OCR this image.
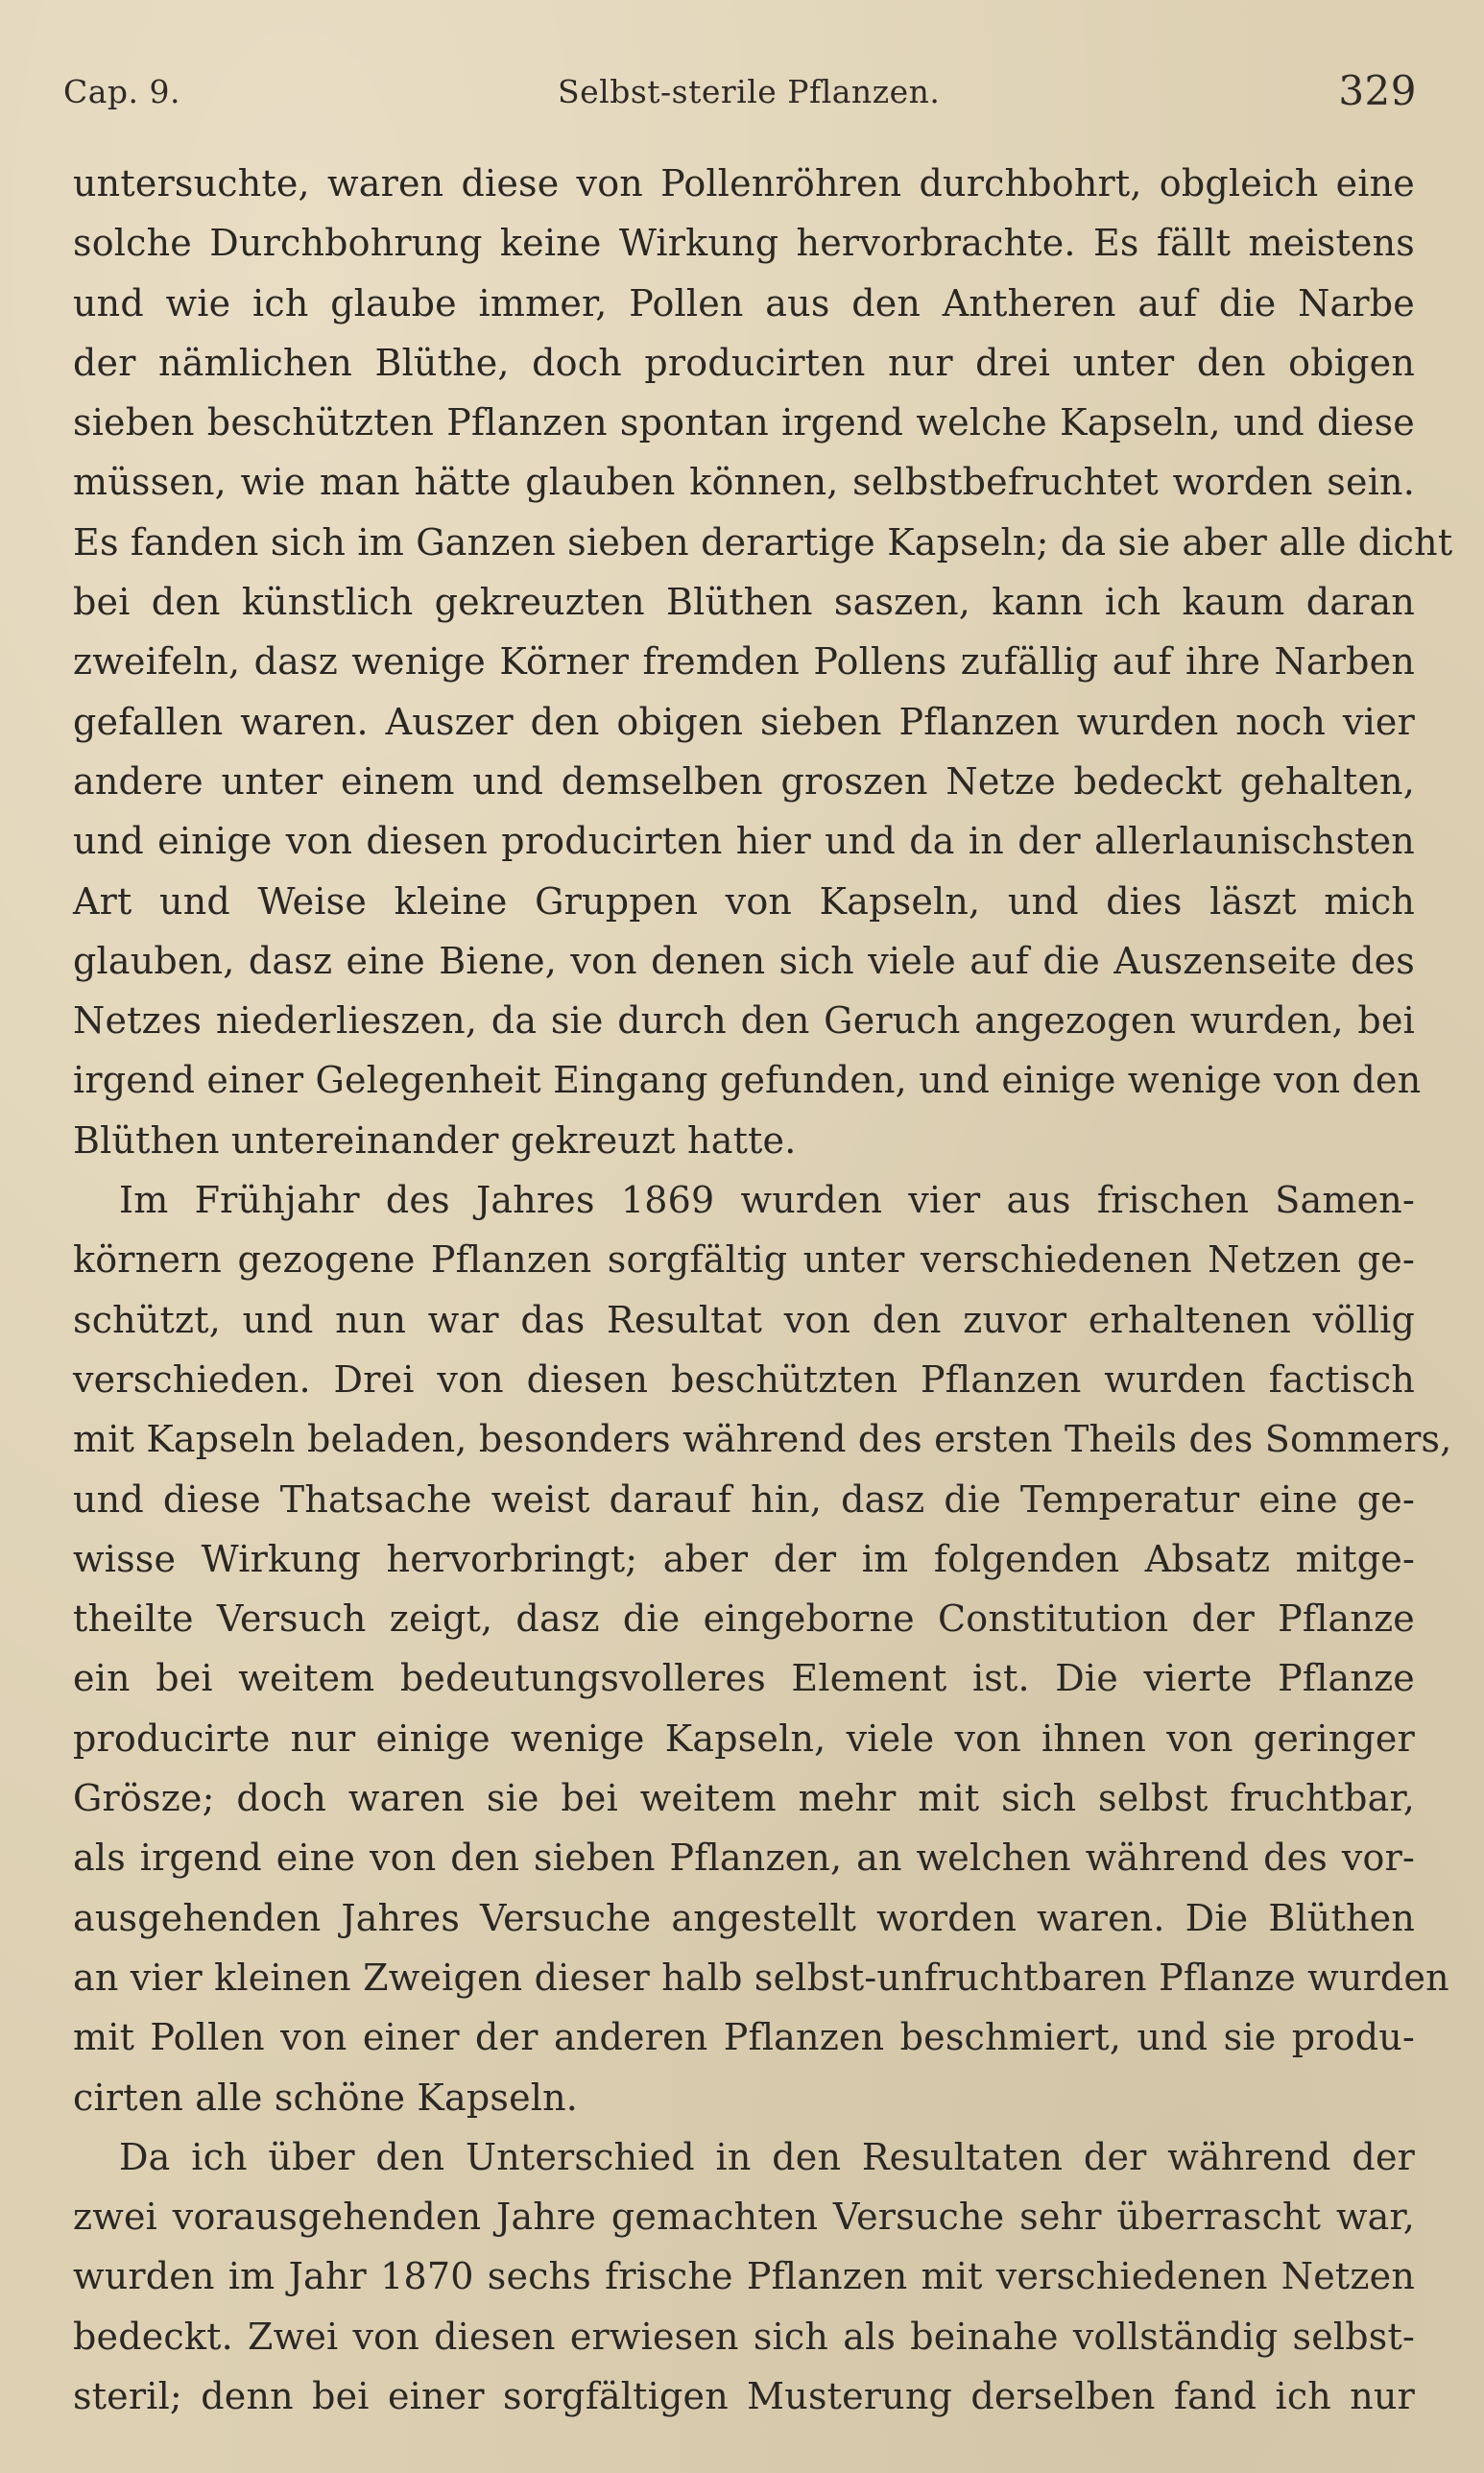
Cap. 9.	Selbst-sterile Pflanzen.	329
untersuchte, waren diese von Pollenröhren durchbohrt, obgleich eine
solche Durchbohrung keine Wirkung hervorbrachte. Es fällt meistens
und wie ich glaube immer, Pollen aus den Antheren auf die Narbe
der nämlichen Blüthe, doch producirten nur drei unter den obigen
sieben beschützten Pflanzen spontan irgend welche Kapseln, und diese
müssen, wie man hätte glauben können, selbstbefruchtet worden sein.
Es fanden sich im Ganzen sieben derartige Kapseln; da sie aber alle dicht
bei den künstlich gekreuzten Blüthen saszen, kann ich kaum daran
zweifeln, dasz wenige Körner fremden Pollens zufällig auf ihre Narben
gefallen waren. Auszer den obigen sieben Pflanzen wurden noch vier
andere unter einem und demselben groszen Netze bedeckt gehalten,
und einige von diesen producirten hier und da in der allerlaunischsten
Art und Weise kleine Gruppen von Kapseln, und dies läszt mich
glauben, dasz eine Biene, von denen sich viele auf die Auszenseite des
Netzes niederlieszen, da sie durch den Geruch angezogen wurden, bei
irgend einer Gelegenheit Eingang gefunden, und einige wenige von den
Blüthen untereinander gekreuzt hatte.
Im Frühjahr des Jahres 1869 wurden vier aus frischen Samen-
körnern gezogene Pflanzen sorgfältig unter verschiedenen Netzen ge-
schützt, und nun war das Resultat von den zuvor erhaltenen völlig
verschieden. Drei von diesen beschützten Pflanzen wurden factisch
mit Kapseln beladen, besonders während des ersten Theils des Sommers,
und diese Thatsache weist darauf hin, dasz die Temperatur eine ge-
wisse Wirkung hervorbringt; aber der im folgenden Absatz mitge-
theilte Versuch zeigt, dasz die eingeborne Constitution der Pflanze
ein bei weitem bedeutungsvolleres Element ist. Die vierte Pflanze
producirte nur einige wenige Kapseln, viele von ihnen von geringer
Grösze; doch waren sie bei weitem mehr mit sich selbst fruchtbar,
als irgend eine von den sieben Pflanzen, an welchen während des vor-
ausgehenden Jahres Versuche angestellt worden waren. Die Blüthen
an vier kleinen Zweigen dieser halb selbst-unfruchtbaren Pflanze wurden
mit Pollen von einer der anderen Pflanzen beschmiert, und sie produ-
cirten alle schöne Kapseln.
Da ich über den Unterschied in den Resultaten der während der
zwei vorausgehenden Jahre gemachten Versuche sehr überrascht war,
wurden im Jahr 1870 sechs frische Pflanzen mit verschiedenen Netzen
bedeckt. Zwei von diesen erwiesen sich als beinahe vollständig selbst-
steril; denn bei einer sorgfältigen Musterung derselben fand ich nur
